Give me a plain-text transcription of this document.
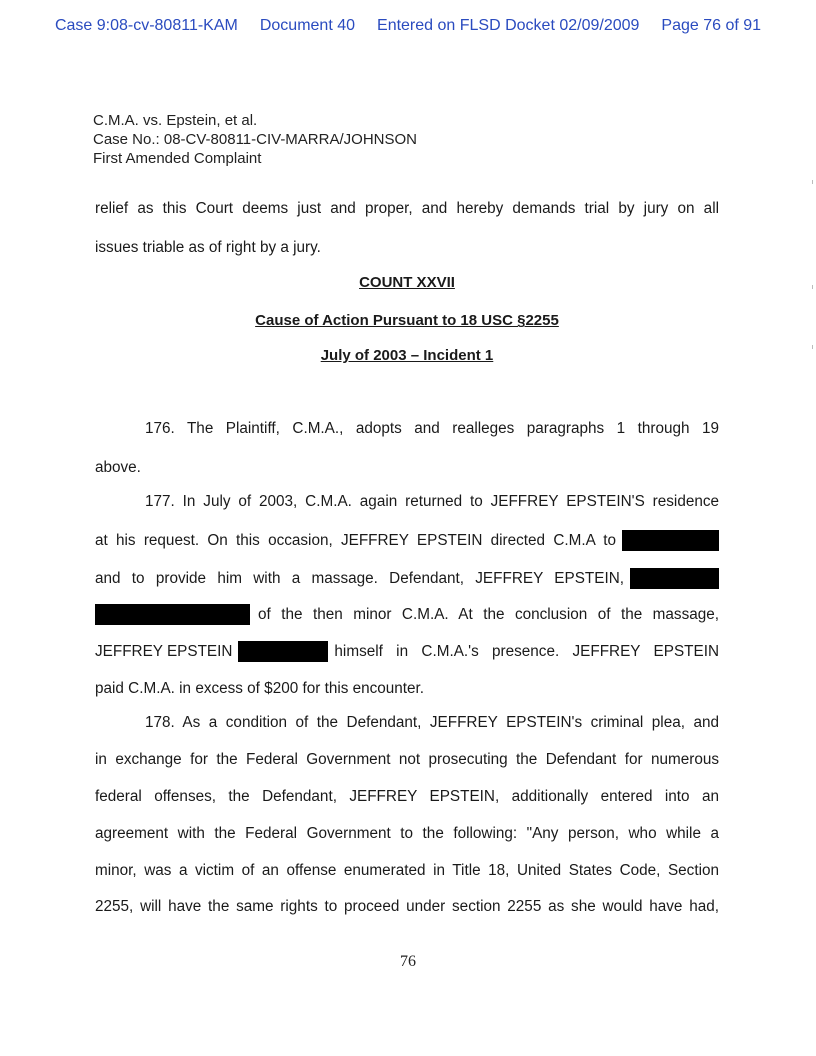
Case 9:08-cv-80811-KAM Document 40 Entered on FLSD Docket 02/09/2009 Page 76 of 91
C.M.A. vs. Epstein, et al.
Case No.: 08-CV-80811-CIV-MARRA/JOHNSON
First Amended Complaint
relief as this Court deems just and proper, and hereby demands trial by jury on all
issues triable as of right by a jury.
COUNT XXVII
Cause of Action Pursuant to 18 USC §2255
July of 2003 – Incident 1
176. The Plaintiff, C.M.A., adopts and realleges paragraphs 1 through 19
above.
177. In July of 2003, C.M.A. again returned to JEFFREY EPSTEIN'S residence
at his request. On this occasion, JEFFREY EPSTEIN directed C.M.A to
and to provide him with a massage. Defendant, JEFFREY EPSTEIN,
of the then minor C.M.A. At the conclusion of the massage,
JEFFREY EPSTEIN	himself in C.M.A.'s presence. JEFFREY EPSTEIN
paid C.M.A. in excess of $200 for this encounter.
178. As a condition of the Defendant, JEFFREY EPSTEIN's criminal plea, and
in exchange for the Federal Government not prosecuting the Defendant for numerous
federal offenses, the Defendant, JEFFREY EPSTEIN, additionally entered into an
agreement with the Federal Government to the following: "Any person, who while a
minor, was a victim of an offense enumerated in Title 18, United States Code, Section
2255, will have the same rights to proceed under section 2255 as she would have had,
76
